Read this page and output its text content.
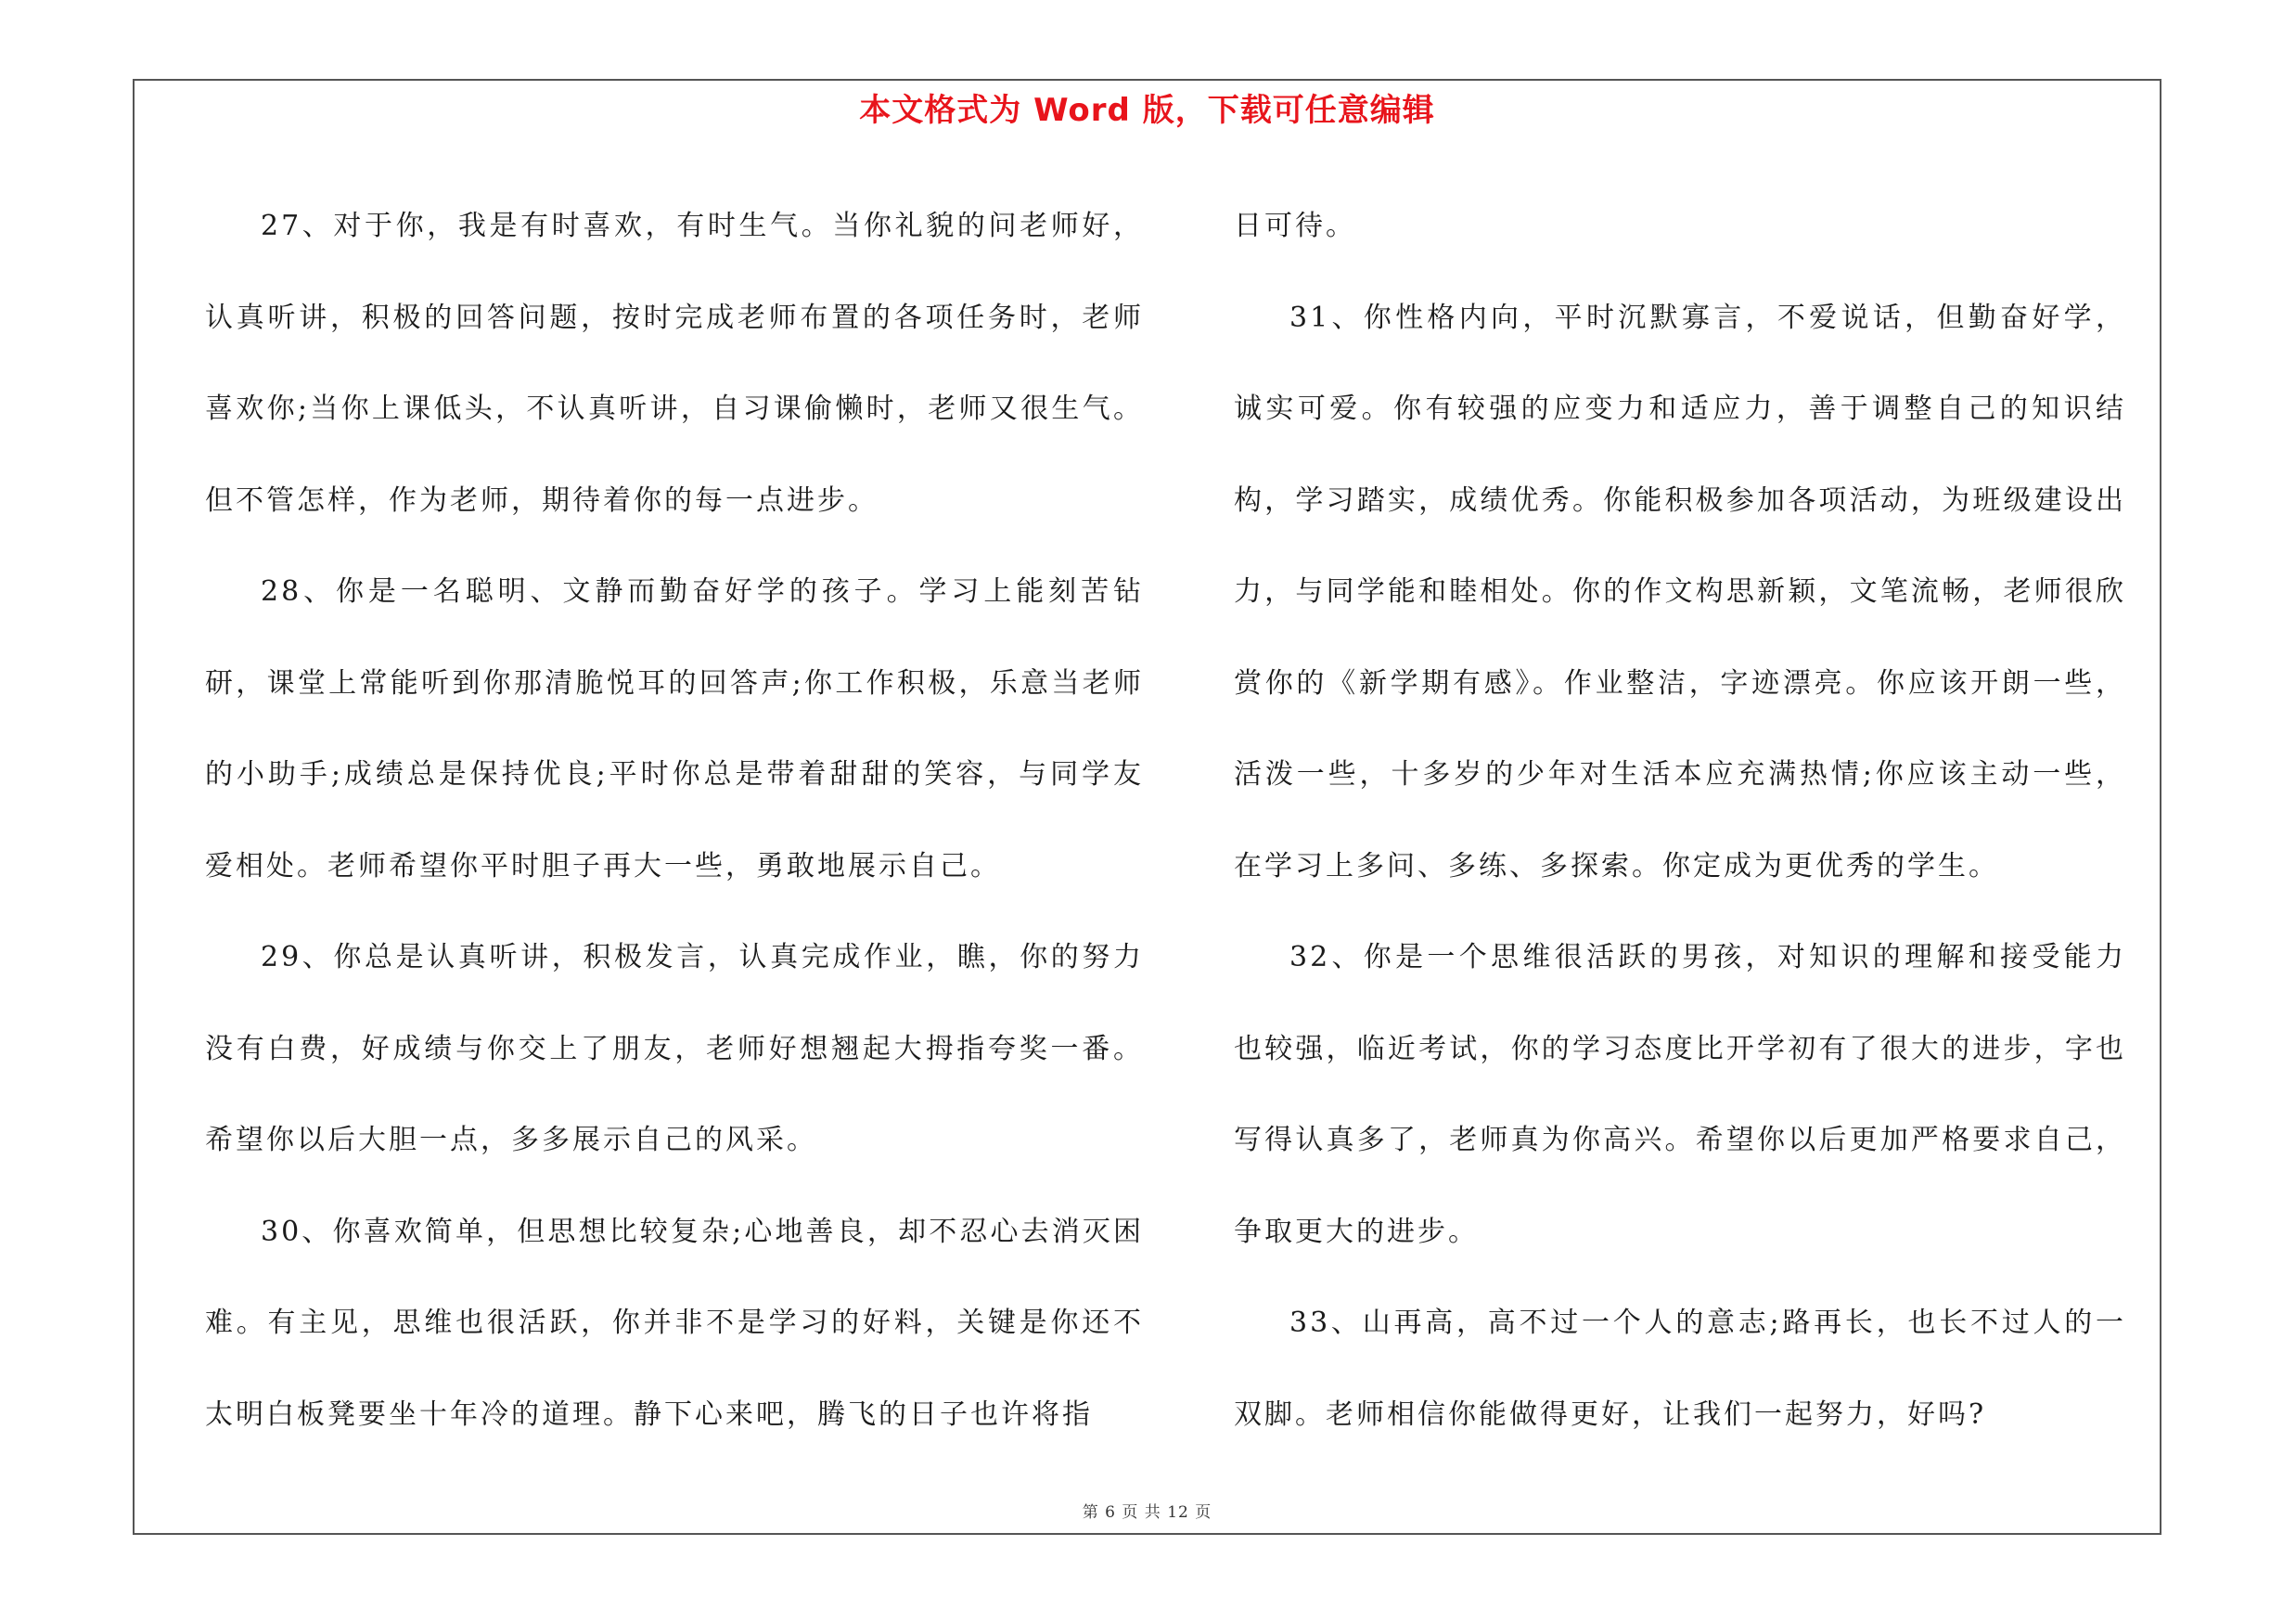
本文格式为 Word 版，下载可任意编辑

27、对于你，我是有时喜欢，有时生气。当你礼貌的问老师好，认真听讲，积极的回答问题，按时完成老师布置的各项任务时，老师喜欢你;当你上课低头，不认真听讲，自习课偷懒时，老师又很生气。但不管怎样，作为老师，期待着你的每一点进步。

28、你是一名聪明、文静而勤奋好学的孩子。学习上能刻苦钻研，课堂上常能听到你那清脆悦耳的回答声;你工作积极，乐意当老师的小助手;成绩总是保持优良;平时你总是带着甜甜的笑容，与同学友爱相处。老师希望你平时胆子再大一些，勇敢地展示自己。

29、你总是认真听讲，积极发言，认真完成作业，瞧，你的努力没有白费，好成绩与你交上了朋友，老师好想翘起大拇指夸奖一番。希望你以后大胆一点，多多展示自己的风采。

30、你喜欢简单，但思想比较复杂;心地善良，却不忍心去消灭困难。有主见，思维也很活跃，你并非不是学习的好料，关键是你还不太明白板凳要坐十年冷的道理。静下心来吧，腾飞的日子也许将指

日可待。

31、你性格内向，平时沉默寡言，不爱说话，但勤奋好学，诚实可爱。你有较强的应变力和适应力，善于调整自己的知识结构，学习踏实，成绩优秀。你能积极参加各项活动，为班级建设出力，与同学能和睦相处。你的作文构思新颖，文笔流畅，老师很欣赏你的《新学期有感》。作业整洁，字迹漂亮。你应该开朗一些，活泼一些，十多岁的少年对生活本应充满热情;你应该主动一些，在学习上多问、多练、多探索。你定成为更优秀的学生。

32、你是一个思维很活跃的男孩，对知识的理解和接受能力也较强，临近考试，你的学习态度比开学初有了很大的进步，字也写得认真多了，老师真为你高兴。希望你以后更加严格要求自己，争取更大的进步。

33、山再高，高不过一个人的意志;路再长，也长不过人的一双脚。老师相信你能做得更好，让我们一起努力，好吗?

第 6 页 共 12 页
